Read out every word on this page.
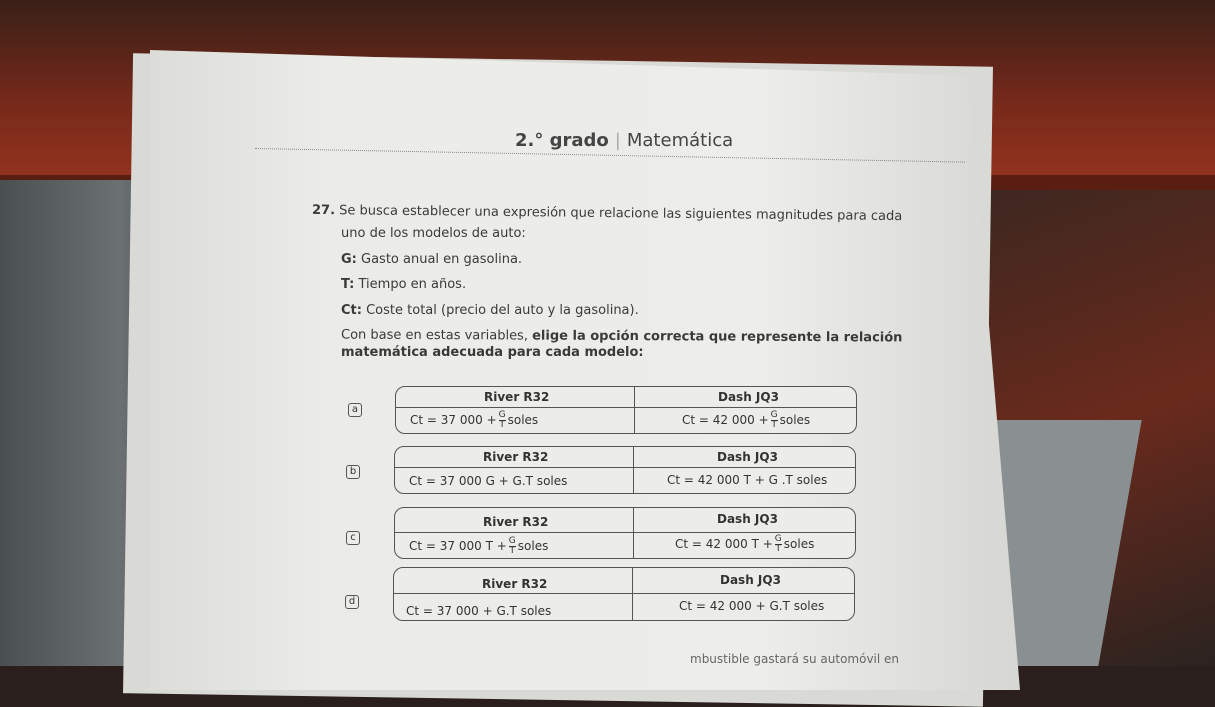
2.° grado | Matemática
27. Se busca establecer una expresión que relacione las siguientes magnitudes para cada
uno de los modelos de auto:
G: Gasto anual en gasolina.
T: Tiempo en años.
Ct: Coste total (precio del auto y la gasolina).
Con base en estas variables, elige la opción correcta que represente la relación
matemática adecuada para cada modelo:
a
River R32	Dash JQ3
Ct = 37 $000 + \frac{G}{T}$ soles	Ct = 42 $000 + \frac{G}{T}$ soles
b
River R32	Dash JQ3
Ct = 37 000 G + G.T soles	Ct = 42 000 T + G .T soles
c
River R32	Dash JQ3
Ct = 37 000 $T + \frac{G}{T}$ soles	Ct = 42 000 $T + \frac{G}{T}$ soles
d
River R32	Dash JQ3
Ct = 37 000 + G.T soles	Ct = 42 000 + G.T soles
mbustible gastará su automóvil en
